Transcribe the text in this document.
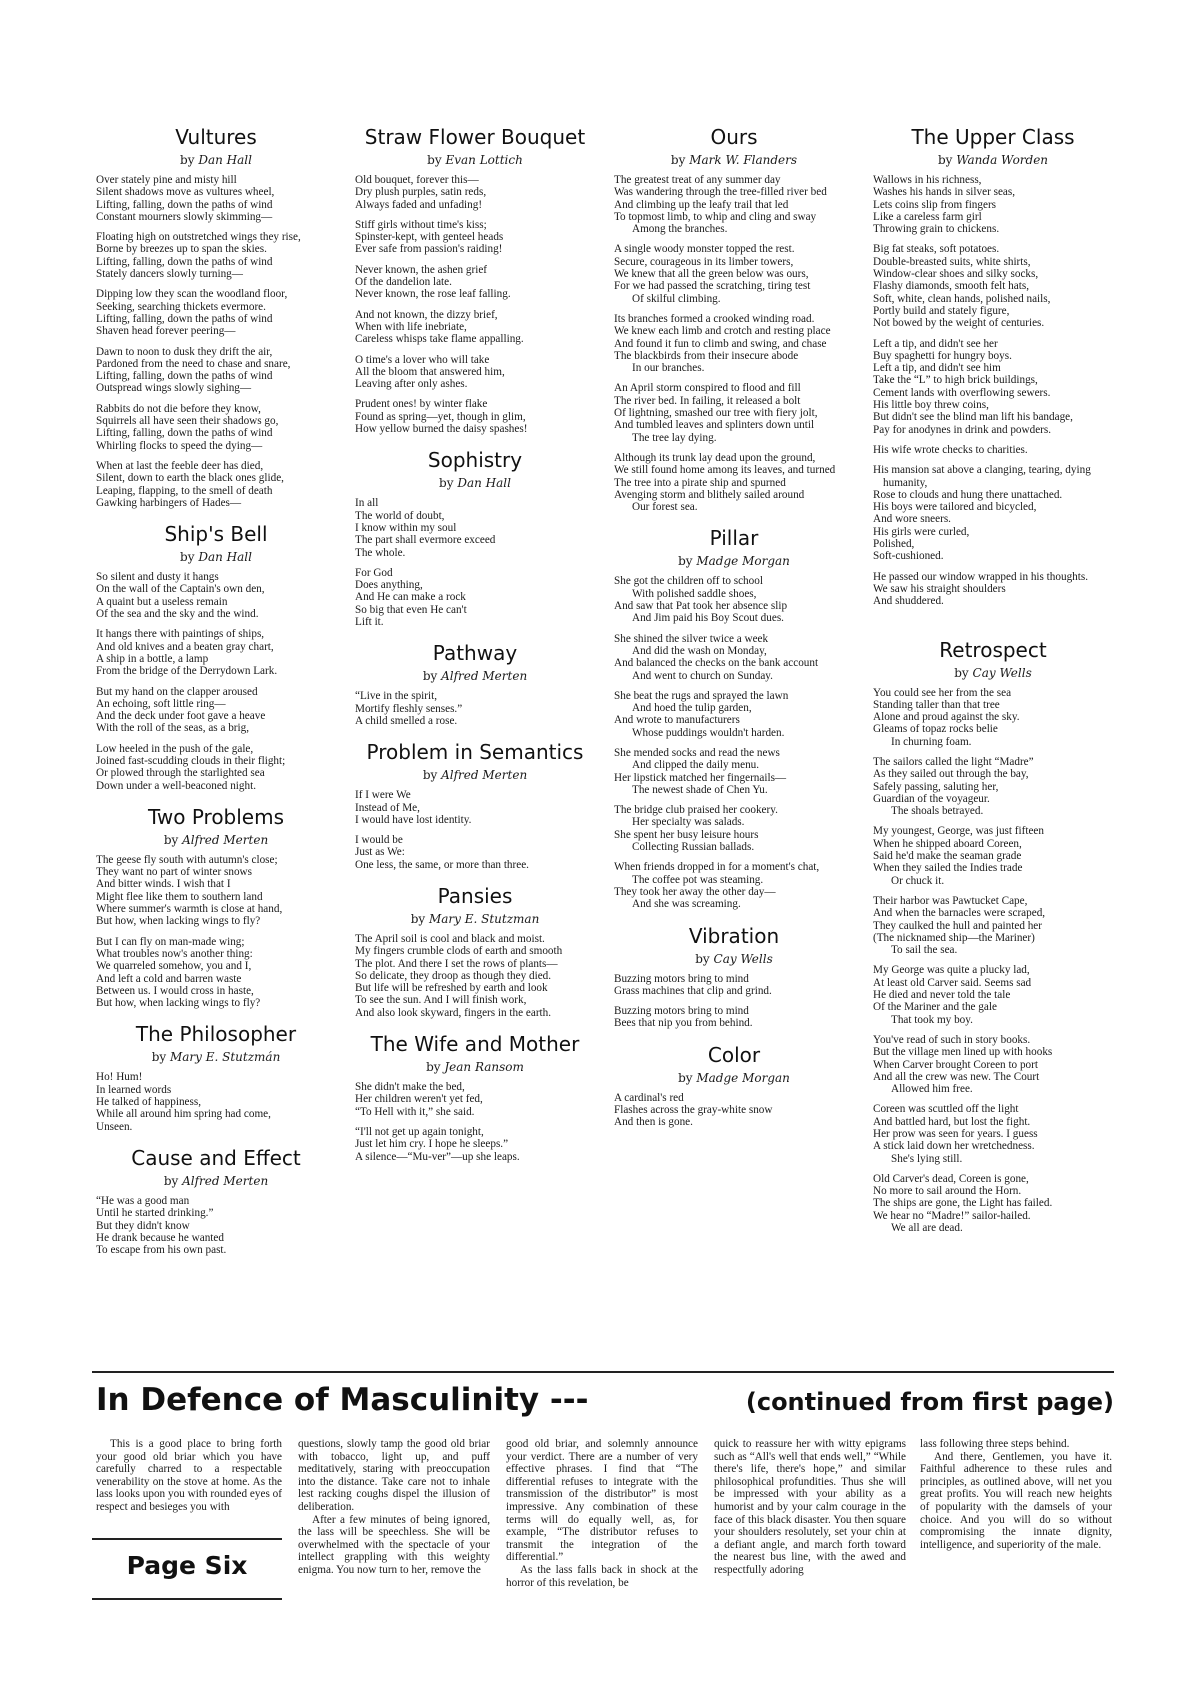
Vultures
by Dan Hall
Over stately pine and misty hill
Silent shadows move as vultures wheel,
Lifting, falling, down the paths of wind
Constant mourners slowly skimming—
Floating high on outstretched wings they rise,
Borne by breezes up to span the skies.
Lifting, falling, down the paths of wind
Stately dancers slowly turning—
Dipping low they scan the woodland floor,
Seeking, searching thickets evermore.
Lifting, falling, down the paths of wind
Shaven head forever peering—
Dawn to noon to dusk they drift the air,
Pardoned from the need to chase and snare,
Lifting, falling, down the paths of wind
Outspread wings slowly sighing—
Rabbits do not die before they know,
Squirrels all have seen their shadows go,
Lifting, falling, down the paths of wind
Whirling flocks to speed the dying—
When at last the feeble deer has died,
Silent, down to earth the black ones glide,
Leaping, flapping, to the smell of death
Gawking harbingers of Hades—
Ship's Bell
by Dan Hall
So silent and dusty it hangs
On the wall of the Captain's own den,
A quaint but a useless remain
Of the sea and the sky and the wind.
It hangs there with paintings of ships,
And old knives and a beaten gray chart,
A ship in a bottle, a lamp
From the bridge of the Derrydown Lark.
But my hand on the clapper aroused
An echoing, soft little ring—
And the deck under foot gave a heave
With the roll of the seas, as a brig,
Low heeled in the push of the gale,
Joined fast-scudding clouds in their flight;
Or plowed through the starlighted sea
Down under a well-beaconed night.
Two Problems
by Alfred Merten
The geese fly south with autumn's close;
They want no part of winter snows
And bitter winds. I wish that I
Might flee like them to southern land
Where summer's warmth is close at hand,
But how, when lacking wings to fly?
But I can fly on man-made wing;
What troubles now's another thing:
We quarreled somehow, you and I,
And left a cold and barren waste
Between us. I would cross in haste,
But how, when lacking wings to fly?
The Philosopher
by Mary E. Stutzmán
Ho! Hum!
In learned words
He talked of happiness,
While all around him spring had come,
Unseen.
Cause and Effect
by Alfred Merten
“He was a good man
Until he started drinking.”
But they didn't know
He drank because he wanted
To escape from his own past.
Straw Flower Bouquet
by Evan Lottich
Old bouquet, forever this—
Dry plush purples, satin reds,
Always faded and unfading!
Stiff girls without time's kiss;
Spinster-kept, with genteel heads
Ever safe from passion's raiding!
Never known, the ashen grief
Of the dandelion late.
Never known, the rose leaf falling.
And not known, the dizzy brief,
When with life inebriate,
Careless whisps take flame appalling.
O time's a lover who will take
All the bloom that answered him,
Leaving after only ashes.
Prudent ones! by winter flake
Found as spring—yet, though in glim,
How yellow burned the daisy spashes!
Sophistry
by Dan Hall
In all
The world of doubt,
I know within my soul
The part shall evermore exceed
The whole.
For God
Does anything,
And He can make a rock
So big that even He can't
Lift it.
Pathway
by Alfred Merten
“Live in the spirit,
Mortify fleshly senses.”
A child smelled a rose.
Problem in Semantics
by Alfred Merten
If I were We
Instead of Me,
I would have lost identity.
I would be
Just as We:
One less, the same, or more than three.
Pansies
by Mary E. Stutzman
The April soil is cool and black and moist.
My fingers crumble clods of earth and smooth
The plot. And there I set the rows of plants—
So delicate, they droop as though they died.
But life will be refreshed by earth and look
To see the sun. And I will finish work,
And also look skyward, fingers in the earth.
The Wife and Mother
by Jean Ransom
She didn't make the bed,
Her children weren't yet fed,
“To Hell with it,” she said.
“I'll not get up again tonight,
Just let him cry. I hope he sleeps.”
A silence—“Mu-ver”—up she leaps.
Ours
by Mark W. Flanders
The greatest treat of any summer day
Was wandering through the tree-filled river bed
And climbing up the leafy trail that led
To topmost limb, to whip and cling and sway
Among the branches.
A single woody monster topped the rest.
Secure, courageous in its limber towers,
We knew that all the green below was ours,
For we had passed the scratching, tiring test
Of skilful climbing.
Its branches formed a crooked winding road.
We knew each limb and crotch and resting place
And found it fun to climb and swing, and chase
The blackbirds from their insecure abode
In our branches.
An April storm conspired to flood and fill
The river bed. In failing, it released a bolt
Of lightning, smashed our tree with fiery jolt,
And tumbled leaves and splinters down until
The tree lay dying.
Although its trunk lay dead upon the ground,
We still found home among its leaves, and turned
The tree into a pirate ship and spurned
Avenging storm and blithely sailed around
Our forest sea.
Pillar
by Madge Morgan
She got the children off to school
With polished saddle shoes,
And saw that Pat took her absence slip
And Jim paid his Boy Scout dues.
She shined the silver twice a week
And did the wash on Monday,
And balanced the checks on the bank account
And went to church on Sunday.
She beat the rugs and sprayed the lawn
And hoed the tulip garden,
And wrote to manufacturers
Whose puddings wouldn't harden.
She mended socks and read the news
And clipped the daily menu.
Her lipstick matched her fingernails—
The newest shade of Chen Yu.
The bridge club praised her cookery.
Her specialty was salads.
She spent her busy leisure hours
Collecting Russian ballads.
When friends dropped in for a moment's chat,
The coffee pot was steaming.
They took her away the other day—
And she was screaming.
Vibration
by Cay Wells
Buzzing motors bring to mind
Grass machines that clip and grind.
Buzzing motors bring to mind
Bees that nip you from behind.
Color
by Madge Morgan
A cardinal's red
Flashes across the gray-white snow
And then is gone.
The Upper Class
by Wanda Worden
Wallows in his richness,
Washes his hands in silver seas,
Lets coins slip from fingers
Like a careless farm girl
Throwing grain to chickens.
Big fat steaks, soft potatoes.
Double-breasted suits, white shirts,
Window-clear shoes and silky socks,
Flashy diamonds, smooth felt hats,
Soft, white, clean hands, polished nails,
Portly build and stately figure,
Not bowed by the weight of centuries.
Left a tip, and didn't see her
Buy spaghetti for hungry boys.
Left a tip, and didn't see him
Take the “L” to high brick buildings,
Cement lands with overflowing sewers.
His little boy threw coins,
But didn't see the blind man lift his bandage,
Pay for anodynes in drink and powders.
His wife wrote checks to charities.
His mansion sat above a clanging, tearing, dying humanity,
Rose to clouds and hung there unattached.
His boys were tailored and bicycled,
And wore sneers.
His girls were curled,
Polished,
Soft-cushioned.
He passed our window wrapped in his thoughts.
We saw his straight shoulders
And shuddered.
Retrospect
by Cay Wells
You could see her from the sea
Standing taller than that tree
Alone and proud against the sky.
Gleams of topaz rocks belie
In churning foam.
The sailors called the light “Madre”
As they sailed out through the bay,
Safely passing, saluting her,
Guardian of the voyageur.
The shoals betrayed.
My youngest, George, was just fifteen
When he shipped aboard Coreen,
Said he'd make the seaman grade
When they sailed the Indies trade
Or chuck it.
Their harbor was Pawtucket Cape,
And when the barnacles were scraped,
They caulked the hull and painted her
(The nicknamed ship—the Mariner)
To sail the sea.
My George was quite a plucky lad,
At least old Carver said. Seems sad
He died and never told the tale
Of the Mariner and the gale
That took my boy.
You've read of such in story books.
But the village men lined up with hooks
When Carver brought Coreen to port
And all the crew was new. The Court
Allowed him free.
Coreen was scuttled off the light
And battled hard, but lost the fight.
Her prow was seen for years. I guess
A stick laid down her wretchedness.
She's lying still.
Old Carver's dead, Coreen is gone,
No more to sail around the Horn.
The ships are gone, the Light has failed.
We hear no “Madre!” sailor-hailed.
We all are dead.
In Defence of Masculinity ---	(continued from first page)

This is a good place to bring forth your good old briar which you have carefully charred to a respectable venerability on the stove at home. As the lass looks upon you with rounded eyes of respect and besieges you with

questions, slowly tamp the good old briar with tobacco, light up, and puff meditatively, staring with preoccupation into the distance. Take care not to inhale lest racking coughs dispel the illusion of deliberation.

After a few minutes of being ignored, the lass will be speechless. She will be overwhelmed with the spectacle of your intellect grappling with this weighty enigma. You now turn to her, remove the

good old briar, and solemnly announce your verdict. There are a number of very effective phrases. I find that “The differential refuses to integrate with the transmission of the distributor” is most impressive. Any combination of these terms will do equally well, as, for example, “The distributor refuses to transmit the integration of the differential.”

As the lass falls back in shock at the horror of this revelation, be

quick to reassure her with witty epigrams such as “All's well that ends well,” “While there's life, there's hope,” and similar philosophical profundities. Thus she will be impressed with your ability as a humorist and by your calm courage in the face of this black disaster. You then square your shoulders resolutely, set your chin at a defiant angle, and march forth toward the nearest bus line, with the awed and respectfully adoring

lass following three steps behind.

And there, Gentlemen, you have it. Faithful adherence to these rules and principles, as outlined above, will net you great profits. You will reach new heights of popularity with the damsels of your choice. And you will do so without compromising the innate dignity, intelligence, and superiority of the male.

Page Six
